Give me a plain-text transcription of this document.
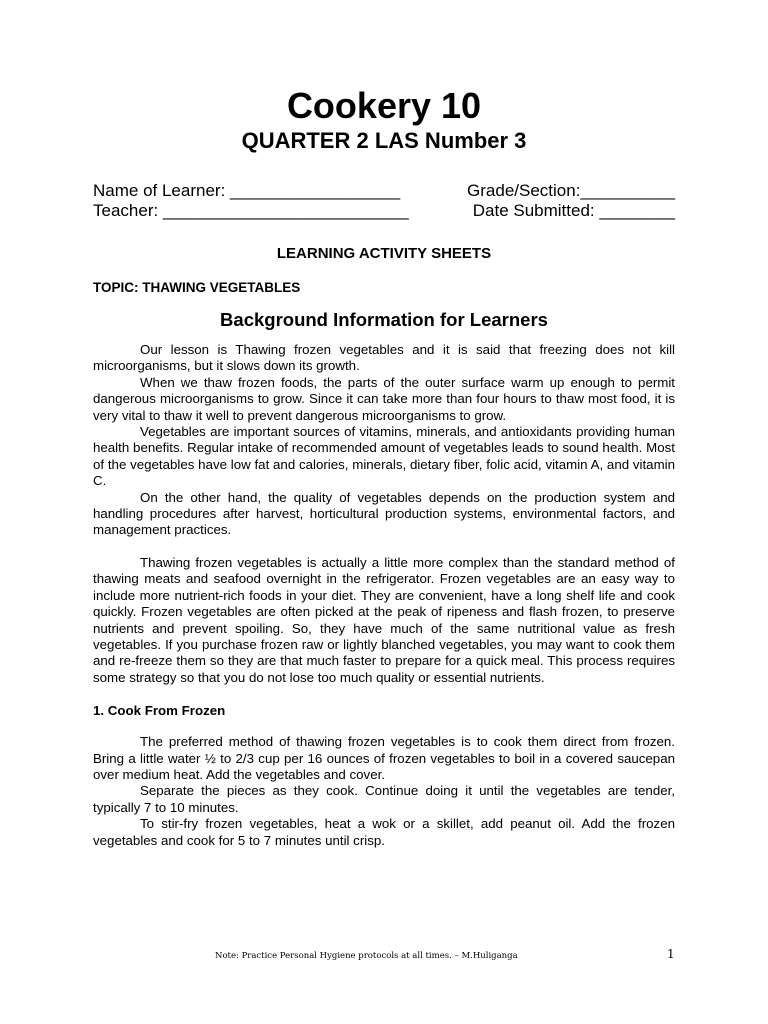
Cookery 10
QUARTER 2 LAS Number 3
Name of Learner: __________________	Grade/Section:__________
Teacher: __________________________	Date Submitted: ________
LEARNING ACTIVITY SHEETS
TOPIC: THAWING VEGETABLES
Background Information for Learners

Our lesson is Thawing frozen vegetables and it is said that freezing does not kill microorganisms, but it slows down its growth.

When we thaw frozen foods, the parts of the outer surface warm up enough to permit dangerous microorganisms to grow. Since it can take more than four hours to thaw most food, it is very vital to thaw it well to prevent dangerous microorganisms to grow.

Vegetables are important sources of vitamins, minerals, and antioxidants providing human health benefits. Regular intake of recommended amount of vegetables leads to sound health. Most of the vegetables have low fat and calories, minerals, dietary fiber, folic acid, vitamin A, and vitamin C.

On the other hand, the quality of vegetables depends on the production system and handling procedures after harvest, horticultural production systems, environmental factors, and management practices.

Thawing frozen vegetables is actually a little more complex than the standard method of thawing meats and seafood overnight in the refrigerator. Frozen vegetables are an easy way to include more nutrient-rich foods in your diet. They are convenient, have a long shelf life and cook quickly. Frozen vegetables are often picked at the peak of ripeness and flash frozen, to preserve nutrients and prevent spoiling. So, they have much of the same nutritional value as fresh vegetables. If you purchase frozen raw or lightly blanched vegetables, you may want to cook them and re-freeze them so they are that much faster to prepare for a quick meal. This process requires some strategy so that you do not lose too much quality or essential nutrients.

1. Cook From Frozen

The preferred method of thawing frozen vegetables is to cook them direct from frozen. Bring a little water ½ to 2/3 cup per 16 ounces of frozen vegetables to boil in a covered saucepan over medium heat. Add the vegetables and cover.

Separate the pieces as they cook. Continue doing it until the vegetables are tender, typically 7 to 10 minutes.

To stir-fry frozen vegetables, heat a wok or a skillet, add peanut oil. Add the frozen vegetables and cook for 5 to 7 minutes until crisp.

Note: Practice Personal Hygiene protocols at all times. – M.Huliganga	1
